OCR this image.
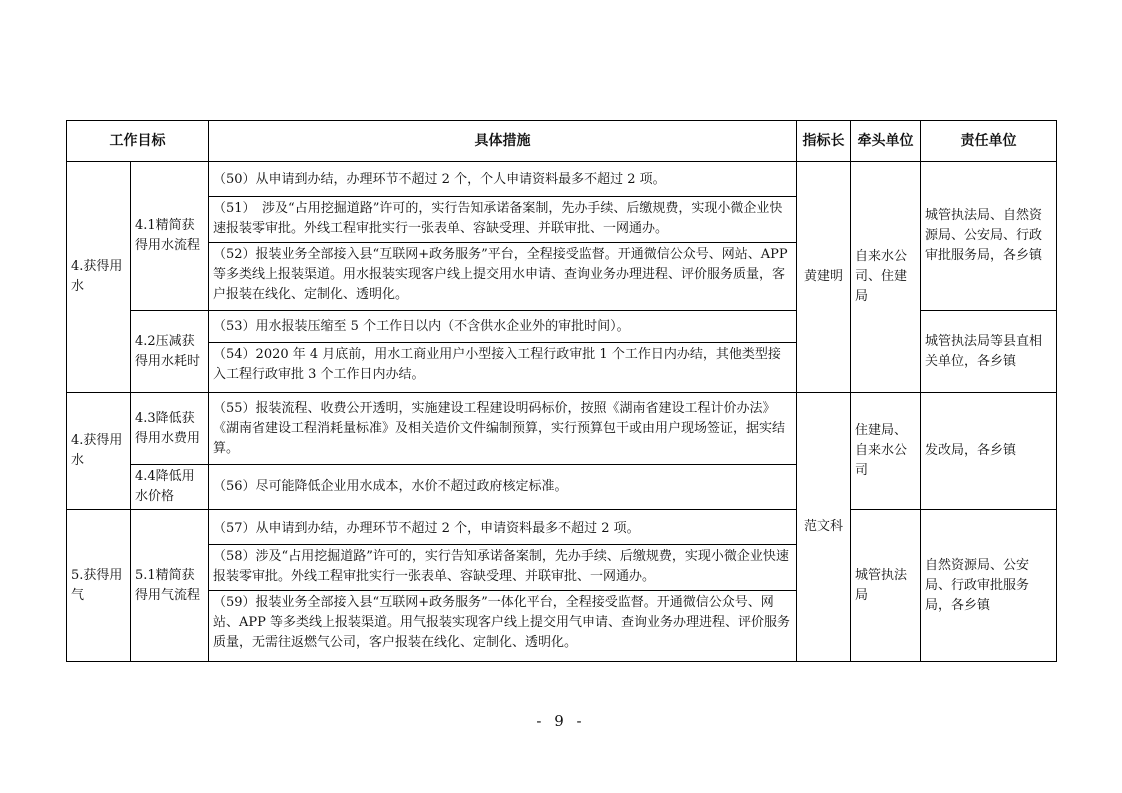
工作目标		具体措施	指标长	牵头单位	责任单位
4.获得用水	4.1精简获得用水流程	（50）从申请到办结，办理环节不超过 2 个，个人申请资料最多不超过 2 项。
（51）　涉及“占用挖掘道路”许可的，实行告知承诺备案制，先办手续、后缴规费，实现小微企业快速报装零审批。外线工程审批实行一张表单、容缺受理、并联审批、一网通办。
（52）报装业务全部接入县“互联网+政务服务”平台，全程接受监督。开通微信公众号、网站、APP 等多类线上报装渠道。用水报装实现客户线上提交用水申请、查询业务办理进程、评价服务质量，客户报装在线化、定制化、透明化。	黄建明	自来水公司、住建局	城管执法局、自然资源局、公安局、行政审批服务局，各乡镇
	4.2压减获得用水耗时	（53）用水报装压缩至 5 个工作日以内（不含供水企业外的审批时间）。
（54）2020 年 4 月底前，用水工商业用户小型接入工程行政审批 1 个工作日内办结，其他类型接入工程行政审批 3 个工作日内办结。			城管执法局等县直相关单位，各乡镇
4.获得用水	4.3降低获得用水费用	（55）报装流程、收费公开透明，实施建设工程建设明码标价，按照《湖南省建设工程计价办法》《湖南省建设工程消耗量标准》及相关造价文件编制预算，实行预算包干或由用户现场签证，据实结算。	范文科	住建局、自来水公司	发改局，各乡镇
	4.4降低用水价格	（56）尽可能降低企业用水成本，水价不超过政府核定标准。			
5.获得用气	5.1精简获得用气流程	（57）从申请到办结，办理环节不超过 2 个，申请资料最多不超过 2 项。
（58）涉及“占用挖掘道路”许可的，实行告知承诺备案制，先办手续、后缴规费，实现小微企业快速报装零审批。外线工程审批实行一张表单、容缺受理、并联审批、一网通办。
（59）报装业务全部接入县“互联网+政务服务”一体化平台，全程接受监督。开通微信公众号、网站、APP 等多类线上报装渠道。用气报装实现客户线上提交用气申请、查询业务办理进程、评价服务质量，无需往返燃气公司，客户报装在线化、定制化、透明化。		城管执法局	自然资源局、公安局、行政审批服务局，各乡镇
- 9 -
